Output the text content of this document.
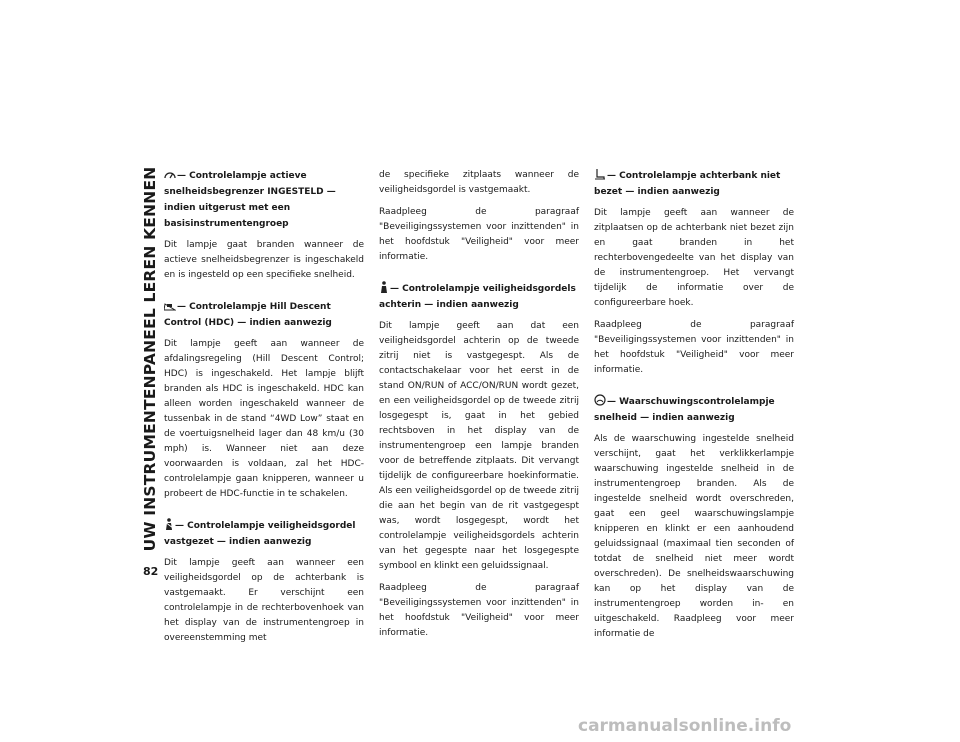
UW INSTRUMENTENPANEEL LEREN KENNEN
82
— Controlelampje actieve snelheidsbegrenzer INGESTELD — indien uitgerust met een basisinstrumentengroep

Dit lampje gaat branden wanneer de actieve snelheidsbegrenzer is ingeschakeld en is ingesteld op een specifieke snelheid.

— Controlelampje Hill Descent Control (HDC) — indien aanwezig

Dit lampje geeft aan wanneer de afdalingsregeling (Hill Descent Control; HDC) is ingeschakeld. Het lampje blijft branden als HDC is ingeschakeld. HDC kan alleen worden ingeschakeld wanneer de tussenbak in de stand “4WD Low” staat en de voertuigsnelheid lager dan 48 km/u (30 mph) is. Wanneer niet aan deze voorwaarden is voldaan, zal het HDC-controlelampje gaan knipperen, wanneer u probeert de HDC-functie in te schakelen.

— Controlelampje veiligheidsgordel vastgezet — indien aanwezig

Dit lampje geeft aan wanneer een veiligheidsgordel op de achterbank is vastgemaakt. Er verschijnt een controlelampje in de rechterbovenhoek van het display van de instrumentengroep in overeenstemming met

de specifieke zitplaats wanneer de veiligheidsgordel is vastgemaakt.

Raadpleeg de paragraaf "Beveiligingssystemen voor inzittenden" in het hoofdstuk "Veiligheid" voor meer informatie.

— Controlelampje veiligheidsgordels achterin — indien aanwezig

Dit lampje geeft aan dat een veiligheidsgordel achterin op de tweede zitrij niet is vastgegespt. Als de contactschakelaar voor het eerst in de stand ON/RUN of ACC/ON/RUN wordt gezet, en een veiligheidsgordel op de tweede zitrij losgegespt is, gaat in het gebied rechtsboven in het display van de instrumentengroep een lampje branden voor de betreffende zitplaats. Dit vervangt tijdelijk de configureerbare hoekinformatie. Als een veiligheidsgordel op de tweede zitrij die aan het begin van de rit vastgegespt was, wordt losgegespt, wordt het controlelampje veiligheidsgordels achterin van het gegespte naar het losgegespte symbool en klinkt een geluidssignaal.

Raadpleeg de paragraaf "Beveiligingssystemen voor inzittenden" in het hoofdstuk "Veiligheid" voor meer informatie.

— Controlelampje achterbank niet bezet — indien aanwezig

Dit lampje geeft aan wanneer de zitplaatsen op de achterbank niet bezet zijn en gaat branden in het rechterbovengedeelte van het display van de instrumentengroep. Het vervangt tijdelijk de informatie over de configureerbare hoek.

Raadpleeg de paragraaf "Beveiligingssystemen voor inzittenden" in het hoofdstuk "Veiligheid" voor meer informatie.

— Waarschuwingscontrolelampje snelheid — indien aanwezig

Als de waarschuwing ingestelde snelheid verschijnt, gaat het verklikkerlampje waarschuwing ingestelde snelheid in de instrumentengroep branden. Als de ingestelde snelheid wordt overschreden, gaat een geel waarschuwingslampje knipperen en klinkt er een aanhoudend geluidssignaal (maximaal tien seconden of totdat de snelheid niet meer wordt overschreden). De snelheidswaarschuwing kan op het display van de instrumentengroep worden in- en uitgeschakeld. Raadpleeg voor meer informatie de

carmanualsonline.info
